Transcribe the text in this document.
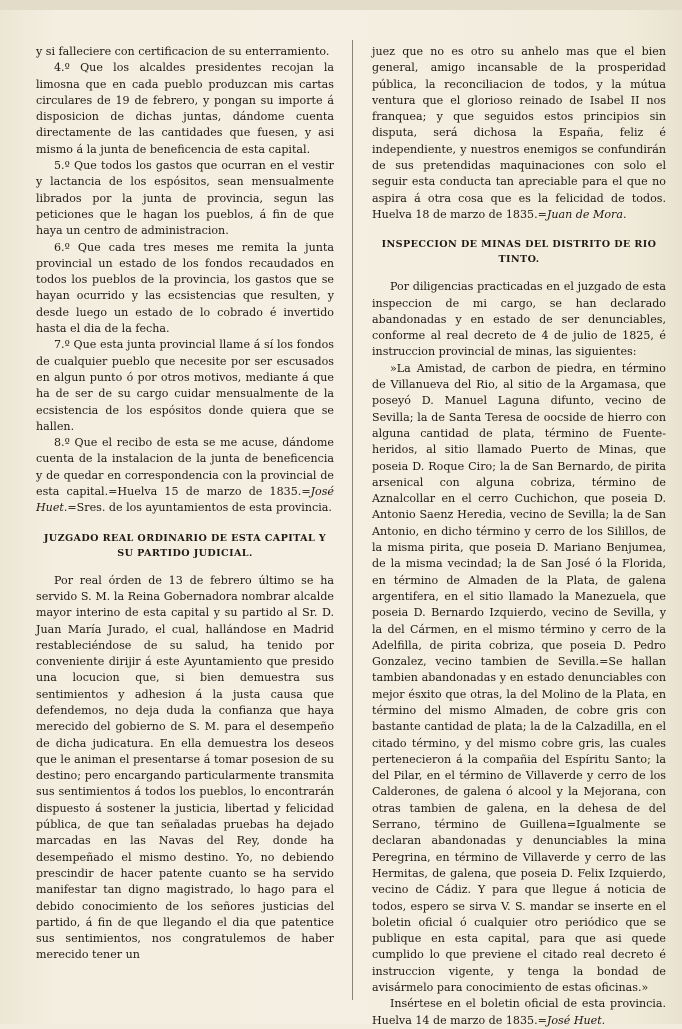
y si falleciere con certificacion de su enterramiento.

4.º Que los alcaldes presidentes recojan la limosna que en cada pueblo produzcan mis cartas circulares de 19 de febrero, y pongan su importe á disposicion de dichas juntas, dándome cuenta directamente de las cantidades que fuesen, y asi mismo á la junta de beneficencia de esta capital.

5.º Que todos los gastos que ocurran en el vestir y lactancia de los espósitos, sean mensualmente librados por la junta de provincia, segun las peticiones que le hagan los pueblos, á fin de que haya un centro de administracion.

6.º Que cada tres meses me remita la junta provincial un estado de los fondos recaudados en todos los pueblos de la provincia, los gastos que se hayan ocurrido y las ecsistencias que resulten, y desde luego un estado de lo cobrado é invertido hasta el dia de la fecha.

7.º Que esta junta provincial llame á sí los fondos de cualquier pueblo que necesite por ser escusados en algun punto ó por otros motivos, mediante á que ha de ser de su cargo cuidar mensualmente de la ecsistencia de los espósitos donde quiera que se hallen.

8.º Que el recibo de esta se me acuse, dándome cuenta de la instalacion de la junta de beneficencia y de quedar en correspondencia con la provincial de esta capital.=Huelva 15 de marzo de 1835.=José Huet.=Sres. de los ayuntamientos de esta provincia.

JUZGADO REAL ORDINARIO DE ESTA CAPITAL Y SU PARTIDO JUDICIAL.

Por real órden de 13 de febrero último se ha servido S. M. la Reina Gobernadora nombrar alcalde mayor interino de esta capital y su partido al Sr. D. Juan María Jurado, el cual, hallándose en Madrid restableciéndose de su salud, ha tenido por conveniente dirijir á este Ayuntamiento que presido una locucion que, si bien demuestra sus sentimientos y adhesion á la justa causa que defendemos, no deja duda la confianza que haya merecido del gobierno de S. M. para el desempeño de dicha judicatura. En ella demuestra los deseos que le animan el presentarse á tomar posesion de su destino; pero encargando particularmente transmita sus sentimientos á todos los pueblos, lo encontrarán dispuesto á sostener la justicia, libertad y felicidad pública, de que tan señaladas pruebas ha dejado marcadas en las Navas del Rey, donde ha desempeñado el mismo destino. Yo, no debiendo prescindir de hacer patente cuanto se ha servido manifestar tan digno magistrado, lo hago para el debido conocimiento de los señores justicias del partido, á fin de que llegando el dia que patentice sus sentimientos, nos congratulemos de haber merecido tener un

juez que no es otro su anhelo mas que el bien general, amigo incansable de la prosperidad pública, la reconciliacion de todos, y la mútua ventura que el glorioso reinado de Isabel II nos franquea; y que seguidos estos principios sin disputa, será dichosa la España, feliz é independiente, y nuestros enemigos se confundirán de sus pretendidas maquinaciones con solo el seguir esta conducta tan apreciable para el que no aspira á otra cosa que es la felicidad de todos. Huelva 18 de marzo de 1835.=Juan de Mora.

INSPECCION DE MINAS DEL DISTRITO DE RIO TINTO.

Por diligencias practicadas en el juzgado de esta inspeccion de mi cargo, se han declarado abandonadas y en estado de ser denunciables, conforme al real decreto de 4 de julio de 1825, é instruccion provincial de minas, las siguientes:

»La Amistad, de carbon de piedra, en término de Villanueva del Rio, al sitio de la Argamasa, que poseyó D. Manuel Laguna difunto, vecino de Sevilla; la de Santa Teresa de oocside de hierro con alguna cantidad de plata, término de Fuente-heridos, al sitio llamado Puerto de Minas, que poseia D. Roque Ciro; la de San Bernardo, de pirita arsenical con alguna cobriza, término de Aznalcollar en el cerro Cuchichon, que poseia D. Antonio Saenz Heredia, vecino de Sevilla; la de San Antonio, en dicho término y cerro de los Silillos, de la misma pirita, que poseia D. Mariano Benjumea, de la misma vecindad; la de San José ó la Florida, en término de Almaden de la Plata, de galena argentifera, en el sitio llamado la Manezuela, que poseia D. Bernardo Izquierdo, vecino de Sevilla, y la del Cármen, en el mismo término y cerro de la Adelfilla, de pirita cobriza, que poseia D. Pedro Gonzalez, vecino tambien de Sevilla.=Se hallan tambien abandonadas y en estado denunciables con mejor ésxito que otras, la del Molino de la Plata, en término del mismo Almaden, de cobre gris con bastante cantidad de plata; la de la Calzadilla, en el citado término, y del mismo cobre gris, las cuales pertenecieron á la compañia del Espíritu Santo; la del Pilar, en el término de Villaverde y cerro de los Calderones, de galena ó alcool y la Mejorana, con otras tambien de galena, en la dehesa de del Serrano, término de Guillena=Igualmente se declaran abandonadas y denunciables la mina Peregrina, en término de Villaverde y cerro de las Hermitas, de galena, que poseia D. Felix Izquierdo, vecino de Cádiz. Y para que llegue á noticia de todos, espero se sirva V. S. mandar se inserte en el boletin oficial ó cualquier otro periódico que se publique en esta capital, para que asi quede cumplido lo que previene el citado real decreto é instruccion vigente, y tenga la bondad de avisármelo para conocimiento de estas oficinas.»

Insértese en el boletin oficial de esta provincia. Huelva 14 de marzo de 1835.=José Huet.
